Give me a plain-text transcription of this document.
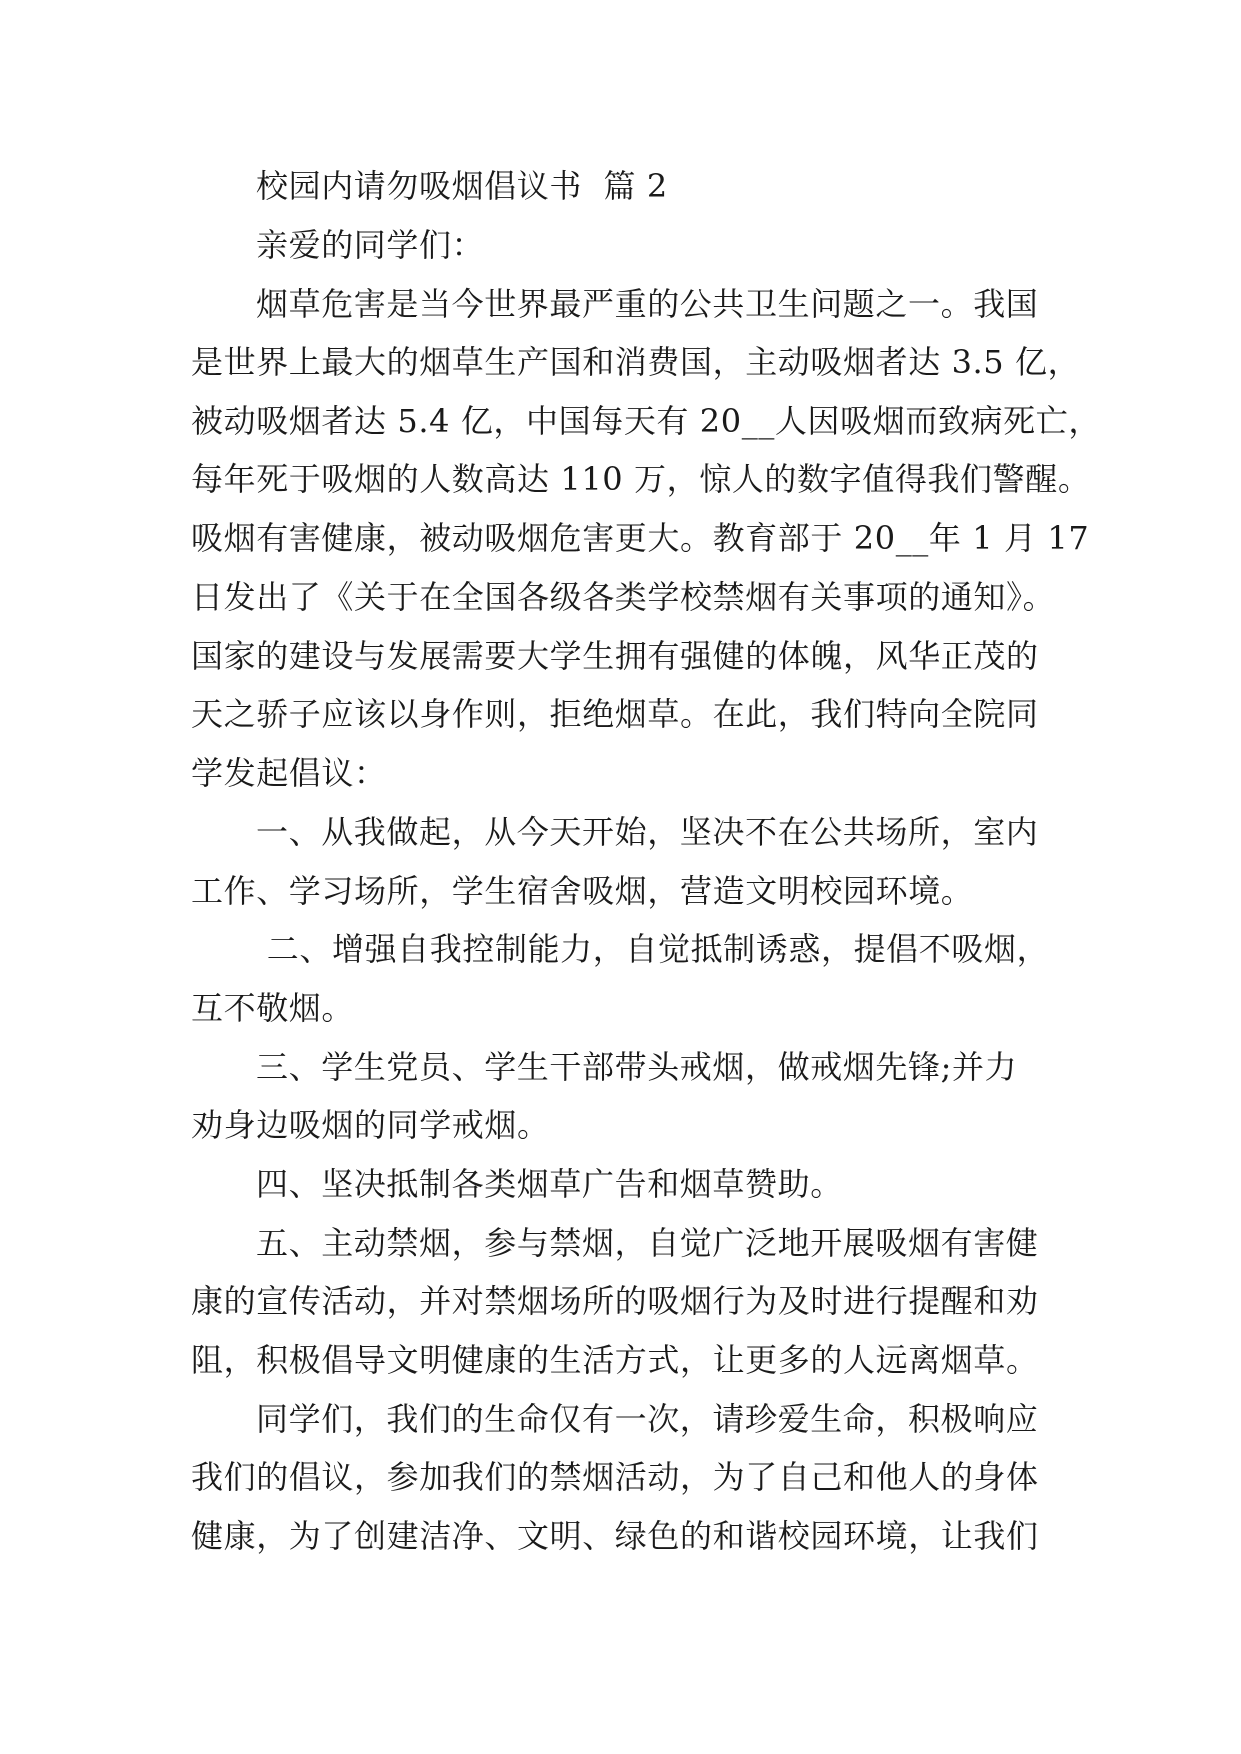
校园内请勿吸烟倡议书  篇 2
亲爱的同学们：
烟草危害是当今世界最严重的公共卫生问题之一。我国
是世界上最大的烟草生产国和消费国，主动吸烟者达 3.5 亿，
被动吸烟者达 5.4 亿，中国每天有 20__人因吸烟而致病死亡，
每年死于吸烟的人数高达 110 万，惊人的数字值得我们警醒。
吸烟有害健康，被动吸烟危害更大。教育部于 20__年 1 月 17
日发出了《关于在全国各级各类学校禁烟有关事项的通知》。
国家的建设与发展需要大学生拥有强健的体魄，风华正茂的
天之骄子应该以身作则，拒绝烟草。在此，我们特向全院同
学发起倡议：
一、从我做起，从今天开始，坚决不在公共场所，室内
工作、学习场所，学生宿舍吸烟，营造文明校园环境。
二、增强自我控制能力，自觉抵制诱惑，提倡不吸烟，
互不敬烟。
三、学生党员、学生干部带头戒烟，做戒烟先锋;并力
劝身边吸烟的同学戒烟。
四、坚决抵制各类烟草广告和烟草赞助。
五、主动禁烟，参与禁烟，自觉广泛地开展吸烟有害健
康的宣传活动，并对禁烟场所的吸烟行为及时进行提醒和劝
阻，积极倡导文明健康的生活方式，让更多的人远离烟草。
同学们，我们的生命仅有一次，请珍爱生命，积极响应
我们的倡议，参加我们的禁烟活动，为了自己和他人的身体
健康，为了创建洁净、文明、绿色的和谐校园环境，让我们
